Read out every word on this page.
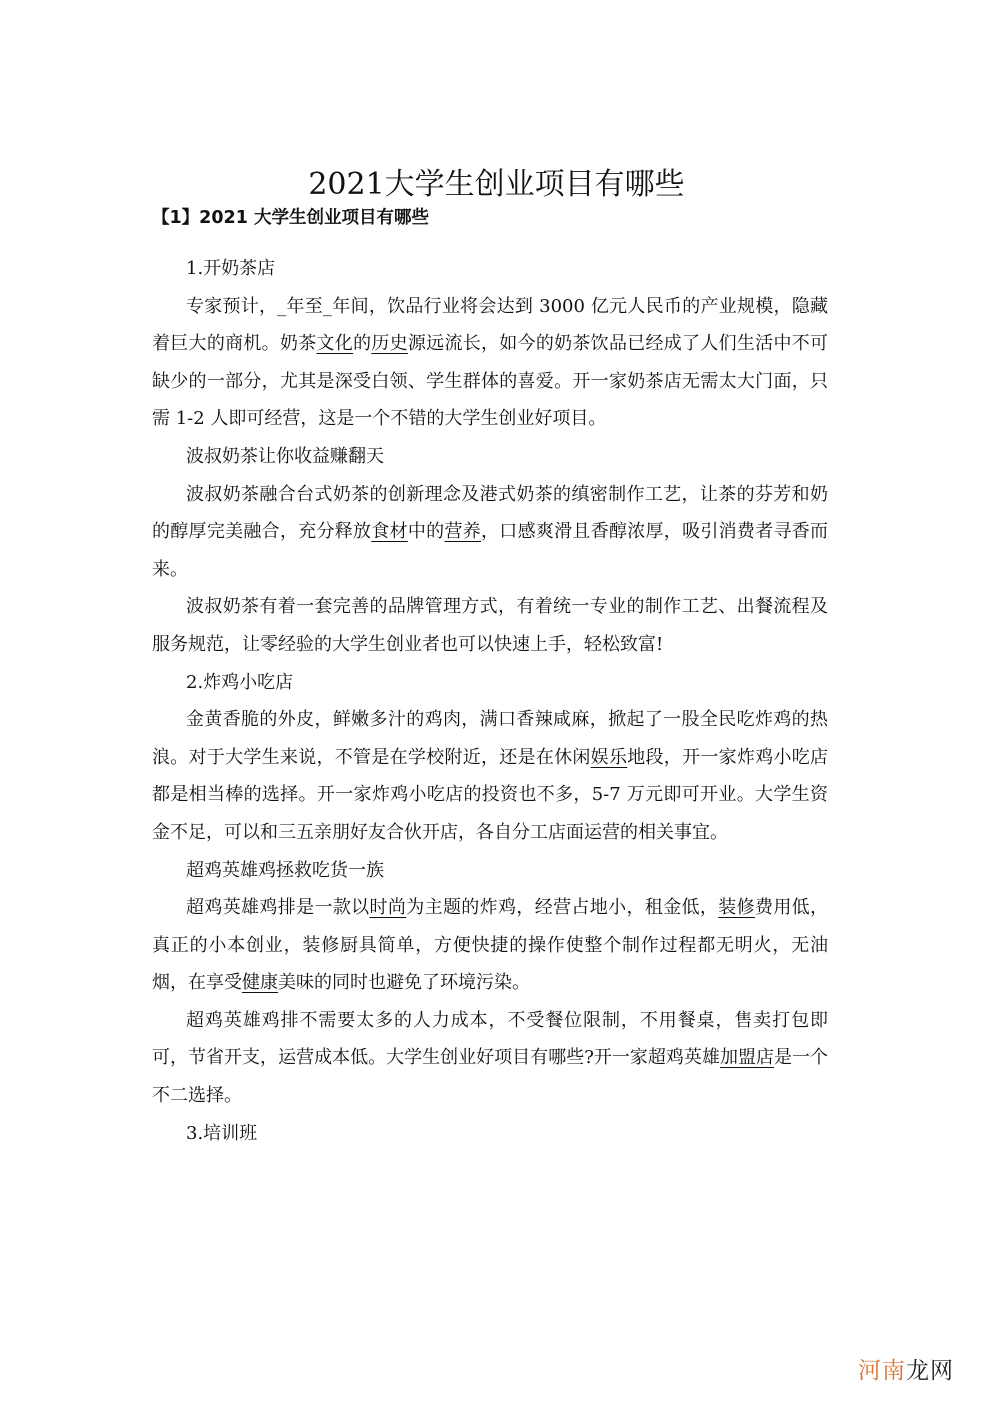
2021大学生创业项目有哪些
【1】2021 大学生创业项目有哪些

1.开奶茶店

专家预计，_年至_年间，饮品行业将会达到 3000 亿元人民币的产业规模，隐藏着巨大的商机。奶茶文化的历史源远流长，如今的奶茶饮品已经成了人们生活中不可缺少的一部分，尤其是深受白领、学生群体的喜爱。开一家奶茶店无需太大门面，只需 1-2 人即可经营，这是一个不错的大学生创业好项目。

波叔奶茶让你收益赚翻天

波叔奶茶融合台式奶茶的创新理念及港式奶茶的缜密制作工艺，让茶的芬芳和奶的醇厚完美融合，充分释放食材中的营养，口感爽滑且香醇浓厚，吸引消费者寻香而来。

波叔奶茶有着一套完善的品牌管理方式，有着统一专业的制作工艺、出餐流程及服务规范，让零经验的大学生创业者也可以快速上手，轻松致富!

2.炸鸡小吃店

金黄香脆的外皮，鲜嫩多汁的鸡肉，满口香辣咸麻，掀起了一股全民吃炸鸡的热浪。对于大学生来说，不管是在学校附近，还是在休闲娱乐地段，开一家炸鸡小吃店都是相当棒的选择。开一家炸鸡小吃店的投资也不多，5-7 万元即可开业。大学生资金不足，可以和三五亲朋好友合伙开店，各自分工店面运营的相关事宜。

超鸡英雄鸡拯救吃货一族

超鸡英雄鸡排是一款以时尚为主题的炸鸡，经营占地小，租金低，装修费用低，真正的小本创业，装修厨具简单，方便快捷的操作使整个制作过程都无明火，无油烟，在享受健康美味的同时也避免了环境污染。

超鸡英雄鸡排不需要太多的人力成本，不受餐位限制，不用餐桌，售卖打包即可，节省开支，运营成本低。大学生创业好项目有哪些?开一家超鸡英雄加盟店是一个不二选择。

3.培训班

河南龙网
